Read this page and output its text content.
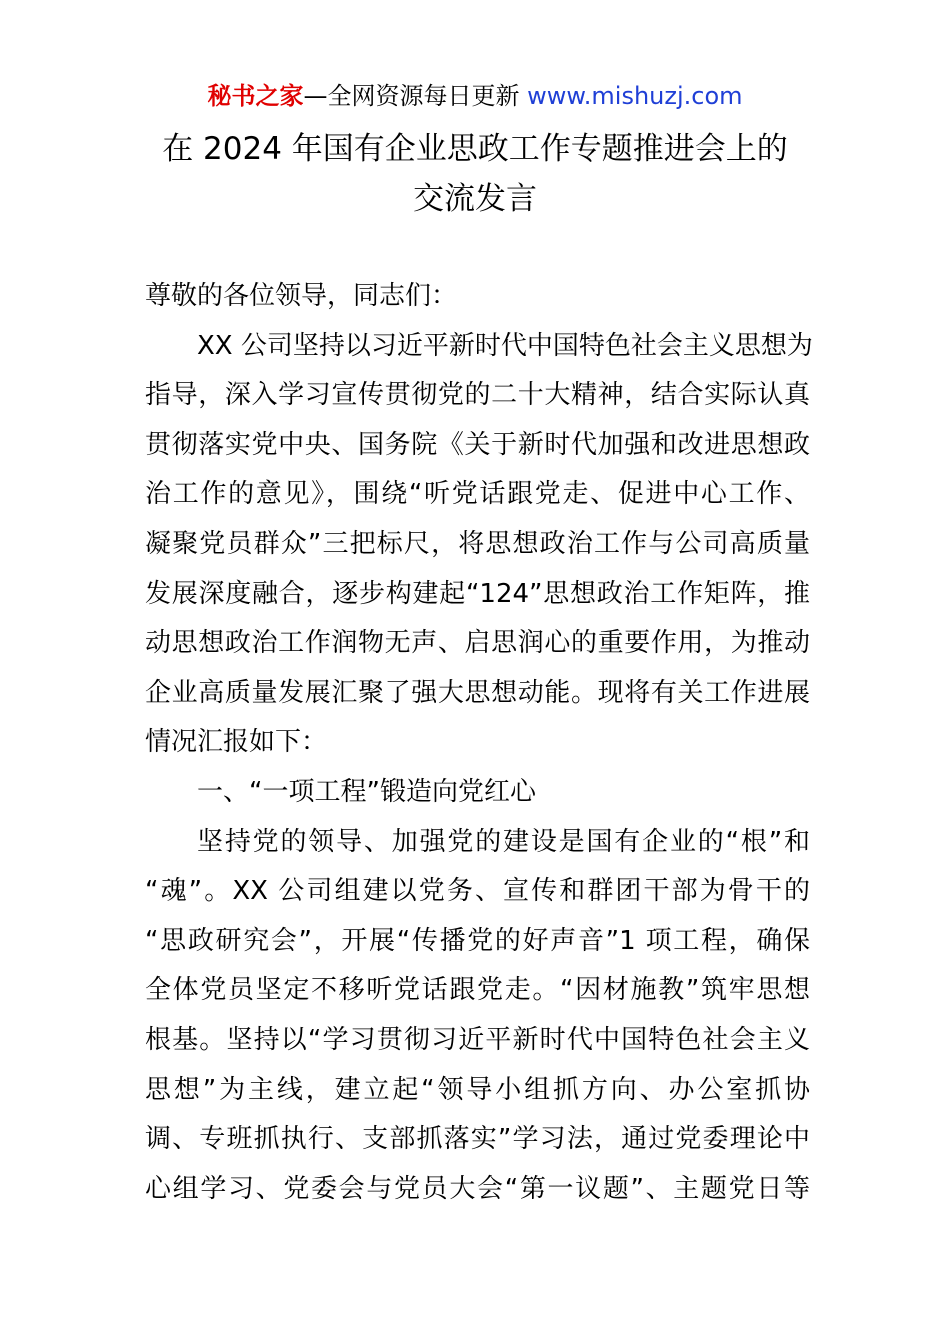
秘书之家—全网资源每日更新 www.mishuzj.com
在 2024 年国有企业思政工作专题推进会上的
交流发言
尊敬的各位领导，同志们：
XX 公司坚持以习近平新时代中国特色社会主义思想为
指导，深入学习宣传贯彻党的二十大精神，结合实际认真
贯彻落实党中央、国务院《关于新时代加强和改进思想政
治工作的意见》，围绕“听党话跟党走、促进中心工作、
凝聚党员群众”三把标尺，将思想政治工作与公司高质量
发展深度融合，逐步构建起“124”思想政治工作矩阵，推
动思想政治工作润物无声、启思润心的重要作用，为推动
企业高质量发展汇聚了强大思想动能。现将有关工作进展
情况汇报如下：
一、“一项工程”锻造向党红心
坚持党的领导、加强党的建设是国有企业的“根”和
“魂”。XX 公司组建以党务、宣传和群团干部为骨干的
“思政研究会”，开展“传播党的好声音”1 项工程，确保
全体党员坚定不移听党话跟党走。“因材施教”筑牢思想
根基。坚持以“学习贯彻习近平新时代中国特色社会主义
思想”为主线，建立起“领导小组抓方向、办公室抓协
调、专班抓执行、支部抓落实”学习法，通过党委理论中
心组学习、党委会与党员大会“第一议题”、主题党日等
